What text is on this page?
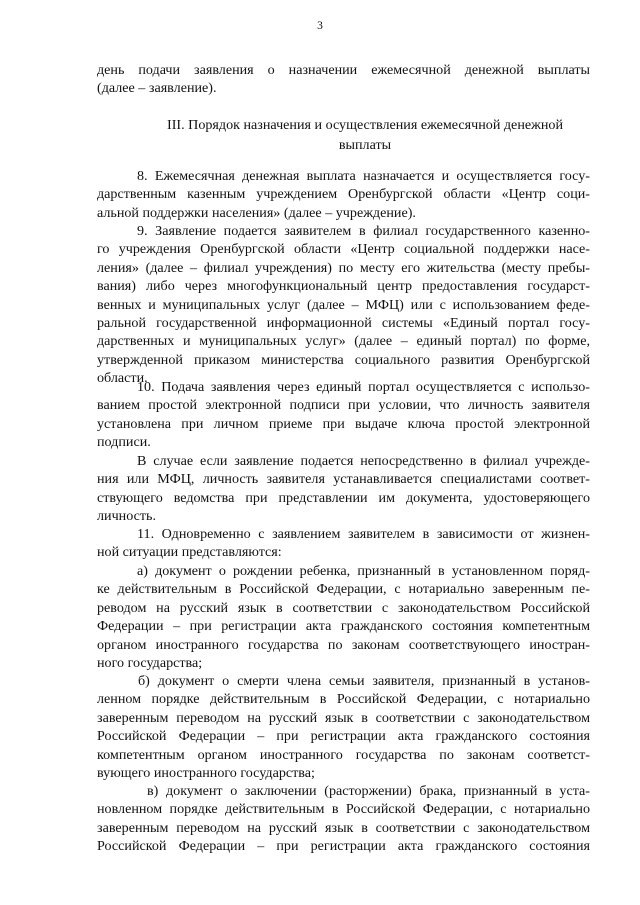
3
день подачи заявления о назначении ежемесячной денежной выплаты
(далее – заявление).
III. Порядок назначения и осуществления ежемесячной денежной
выплаты
8. Ежемесячная денежная выплата назначается и осуществляется госу-
дарственным казенным учреждением Оренбургской области «Центр соци-
альной поддержки населения» (далее – учреждение).
9. Заявление подается заявителем в филиал государственного казенно-
го учреждения Оренбургской области «Центр социальной поддержки насе-
ления» (далее – филиал учреждения) по месту его жительства (месту пребы-
вания) либо через многофункциональный центр предоставления государст-
венных и муниципальных услуг (далее – МФЦ) или с использованием феде-
ральной государственной информационной системы «Единый портал госу-
дарственных и муниципальных услуг» (далее – единый портал) по форме,
утвержденной приказом министерства социального развития Оренбургской
области.
10. Подача заявления через единый портал осуществляется с использо-
ванием простой электронной подписи при условии, что личность заявителя
установлена при личном приеме при выдаче ключа простой электронной
подписи.
В случае если заявление подается непосредственно в филиал учрежде-
ния или МФЦ, личность заявителя устанавливается специалистами соответ-
ствующего ведомства при представлении им документа, удостоверяющего
личность.
11. Одновременно с заявлением заявителем в зависимости от жизнен-
ной ситуации представляются:
а) документ о рождении ребенка, признанный в установленном поряд-
ке действительным в Российской Федерации, с нотариально заверенным пе-
реводом на русский язык в соответствии с законодательством Российской
Федерации – при регистрации акта гражданского состояния компетентным
органом иностранного государства по законам соответствующего иностран-
ного государства;
б) документ о смерти члена семьи заявителя, признанный в установ-
ленном порядке действительным в Российской Федерации, с нотариально
заверенным переводом на русский язык в соответствии с законодательством
Российской Федерации – при регистрации акта гражданского состояния
компетентным органом иностранного государства по законам соответст-
вующего иностранного государства;
в) документ о заключении (расторжении) брака, признанный в уста-
новленном порядке действительным в Российской Федерации, с нотариально
заверенным переводом на русский язык в соответствии с законодательством
Российской Федерации – при регистрации акта гражданского состояния
